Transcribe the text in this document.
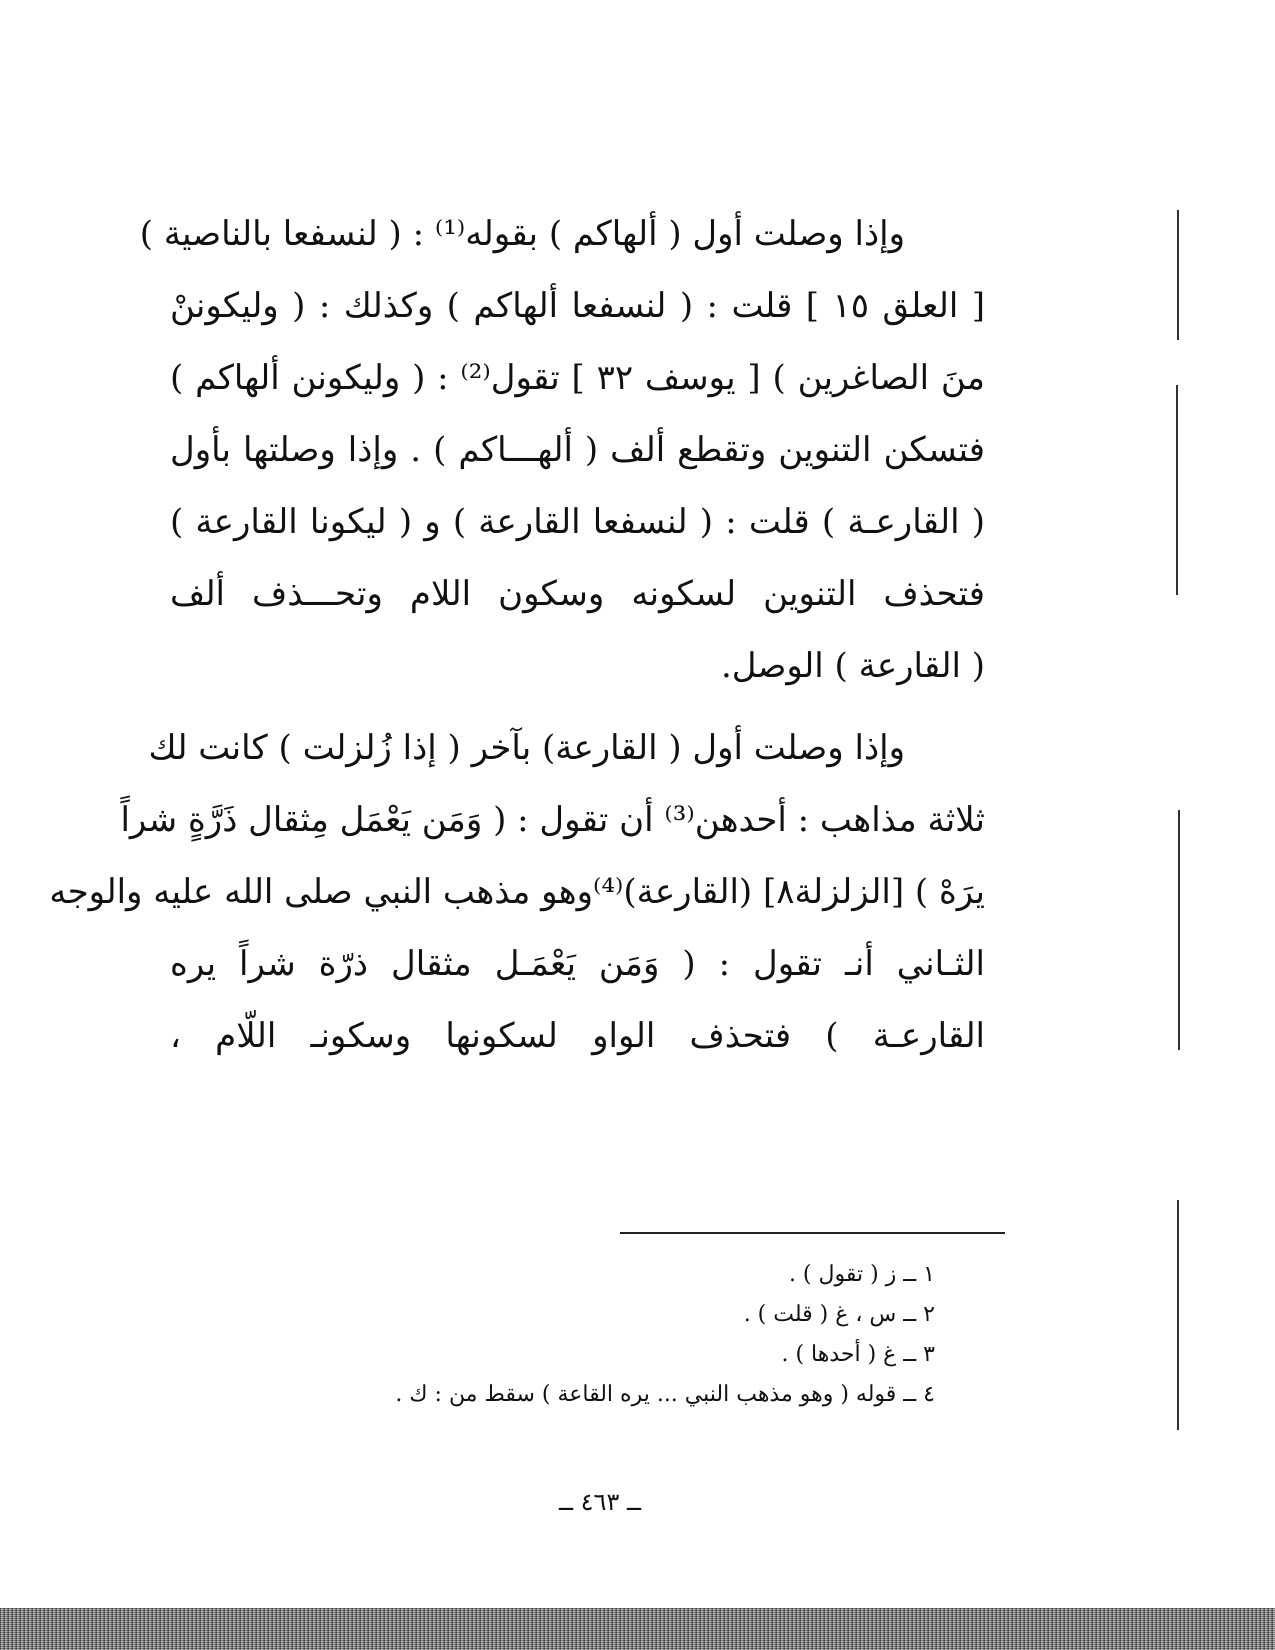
وإذا وصلت أول ( ألهاكم ) بقوله⁽¹⁾ : ( لنسفعا بالناصية )
[ العلق ١٥ ] قلت : ( لنسفعا ألهاكم ) وكذلك : ( وليكوننْ
منَ الصاغرين ) [ يوسف ٣٢ ] تقول⁽²⁾ : ( وليكونن ألهاكم )
فتسكن التنوين وتقطع ألف ( ألهـــاكم ) . وإذا وصلتها بأول
( القارعـة ) قلت : ( لنسفعا القارعة ) و ( ليكونا القارعة )
فتحذف التنوين لسكونه وسكون اللام وتحـــذف ألف
( القارعة ) الوصل.
وإذا وصلت أول ( القارعة) بآخر ( إذا زُلزلت ) كانت لك
ثلاثة مذاهب : أحدهن⁽³⁾ أن تقول : ( وَمَن يَعْمَل مِثقال ذَرَّةٍ شراً
يرَهْ ) [الزلزلة٨] (القارعة)⁽⁴⁾وهو مذهب النبي صلى الله عليه والوجه
الثـاني أنـ تقول : ( وَمَن يَعْمَـل مثقال ذرّة شراً يره
القارعـة ) فتحذف الواو لسكونها وسكونـ اللّام ،
١ ــ ز ( تقول ) .
٢ ــ س ، غ ( قلت ) .
٣ ــ غ ( أحدها ) .
٤ ــ قوله ( وهو مذهب النبي ... يره القاعة ) سقط من : ك .
ــ ٤٦٣ ــ
